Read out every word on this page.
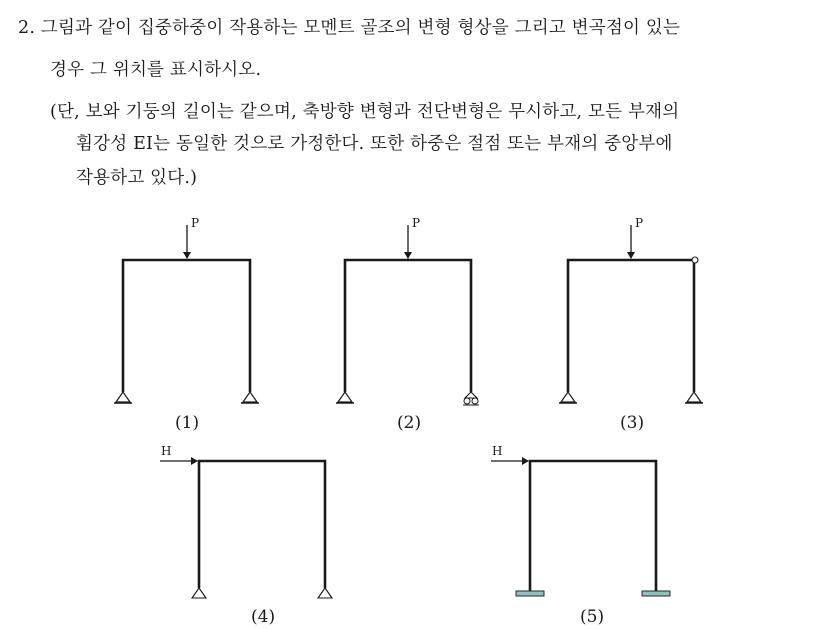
2. 그림과 같이 집중하중이 작용하는 모멘트 골조의 변형 형상을 그리고 변곡점이 있는
경우 그 위치를 표시하시오.
(단, 보와 기둥의 길이는 같으며, 축방향 변형과 전단변형은 무시하고, 모든 부재의
휨강성 EI는 동일한 것으로 가정한다. 또한 하중은 절점 또는 부재의 중앙부에
작용하고 있다.)
P
(1)
P
(2)
P
(3)
H
(4)
H
(5)
